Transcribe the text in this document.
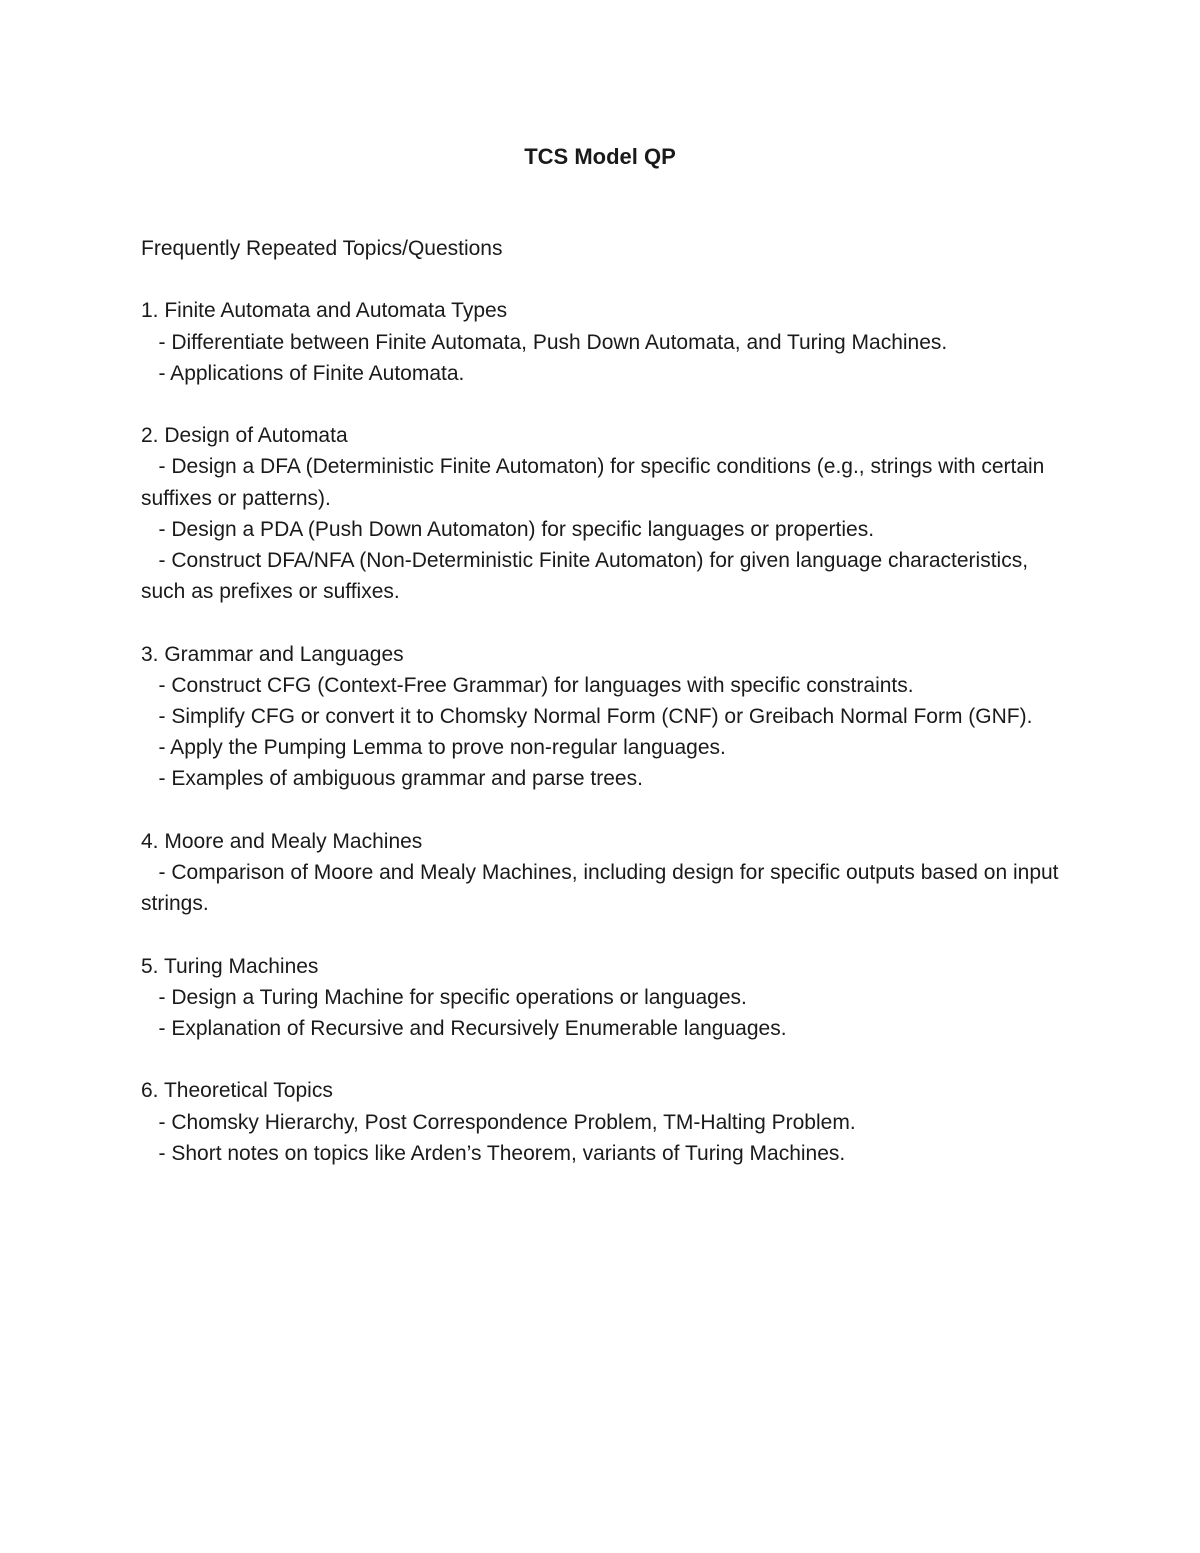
TCS Model QP

Frequently Repeated Topics/Questions

1. Finite Automata and Automata Types

- Differentiate between Finite Automata, Push Down Automata, and Turing Machines.

- Applications of Finite Automata.

2. Design of Automata

- Design a DFA (Deterministic Finite Automaton) for specific conditions (e.g., strings with certain suffixes or patterns).

- Design a PDA (Push Down Automaton) for specific languages or properties.

- Construct DFA/NFA (Non-Deterministic Finite Automaton) for given language characteristics, such as prefixes or suffixes.

3. Grammar and Languages

- Construct CFG (Context-Free Grammar) for languages with specific constraints.

- Simplify CFG or convert it to Chomsky Normal Form (CNF) or Greibach Normal Form (GNF).

- Apply the Pumping Lemma to prove non-regular languages.

- Examples of ambiguous grammar and parse trees.

4. Moore and Mealy Machines

- Comparison of Moore and Mealy Machines, including design for specific outputs based on input strings.

5. Turing Machines

- Design a Turing Machine for specific operations or languages.

- Explanation of Recursive and Recursively Enumerable languages.

6. Theoretical Topics

- Chomsky Hierarchy, Post Correspondence Problem, TM-Halting Problem.

- Short notes on topics like Arden’s Theorem, variants of Turing Machines.
